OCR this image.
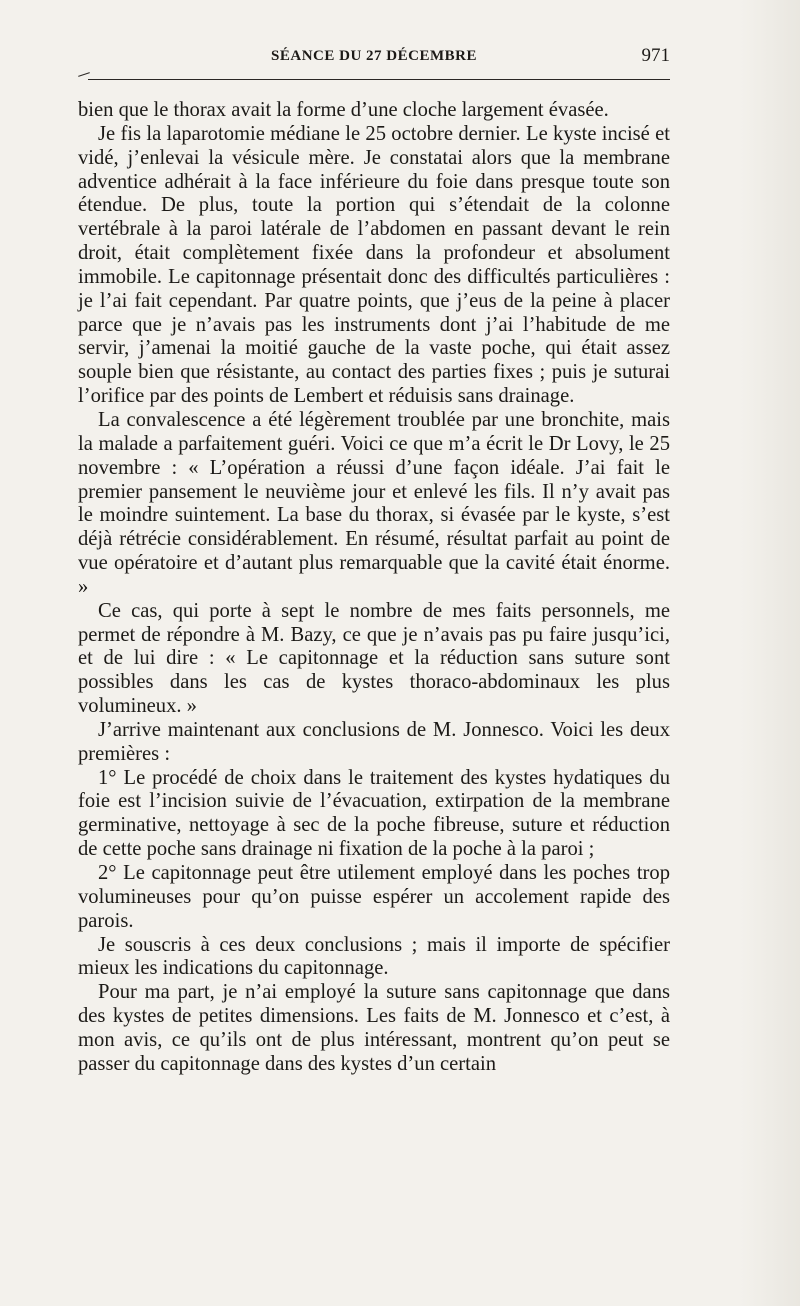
SÉANCE DU 27 DÉCEMBRE	971

bien que le thorax avait la forme d’une cloche largement évasée.

Je fis la laparotomie médiane le 25 octobre dernier. Le kyste incisé et vidé, j’enlevai la vésicule mère. Je constatai alors que la membrane adventice adhérait à la face inférieure du foie dans presque toute son étendue. De plus, toute la portion qui s’étendait de la colonne vertébrale à la paroi latérale de l’abdomen en passant devant le rein droit, était complètement fixée dans la profondeur et absolument immobile. Le capitonnage présentait donc des difficultés particulières : je l’ai fait cependant. Par quatre points, que j’eus de la peine à placer parce que je n’avais pas les instruments dont j’ai l’habitude de me servir, j’amenai la moitié gauche de la vaste poche, qui était assez souple bien que résistante, au contact des parties fixes ; puis je suturai l’orifice par des points de Lembert et réduisis sans drainage.

La convalescence a été légèrement troublée par une bronchite, mais la malade a parfaitement guéri. Voici ce que m’a écrit le Dr Lovy, le 25 novembre : « L’opération a réussi d’une façon idéale. J’ai fait le premier pansement le neuvième jour et enlevé les fils. Il n’y avait pas le moindre suintement. La base du thorax, si évasée par le kyste, s’est déjà rétrécie considérablement. En résumé, résultat parfait au point de vue opératoire et d’autant plus remarquable que la cavité était énorme. »

Ce cas, qui porte à sept le nombre de mes faits personnels, me permet de répondre à M. Bazy, ce que je n’avais pas pu faire jusqu’ici, et de lui dire : « Le capitonnage et la réduction sans suture sont possibles dans les cas de kystes thoraco-abdominaux les plus volumineux. »

J’arrive maintenant aux conclusions de M. Jonnesco. Voici les deux premières :

1° Le procédé de choix dans le traitement des kystes hydatiques du foie est l’incision suivie de l’évacuation, extirpation de la membrane germinative, nettoyage à sec de la poche fibreuse, suture et réduction de cette poche sans drainage ni fixation de la poche à la paroi ;

2° Le capitonnage peut être utilement employé dans les poches trop volumineuses pour qu’on puisse espérer un accolement rapide des parois.

Je souscris à ces deux conclusions ; mais il importe de spécifier mieux les indications du capitonnage.

Pour ma part, je n’ai employé la suture sans capitonnage que dans des kystes de petites dimensions. Les faits de M. Jonnesco et c’est, à mon avis, ce qu’ils ont de plus intéressant, montrent qu’on peut se passer du capitonnage dans des kystes d’un certain
